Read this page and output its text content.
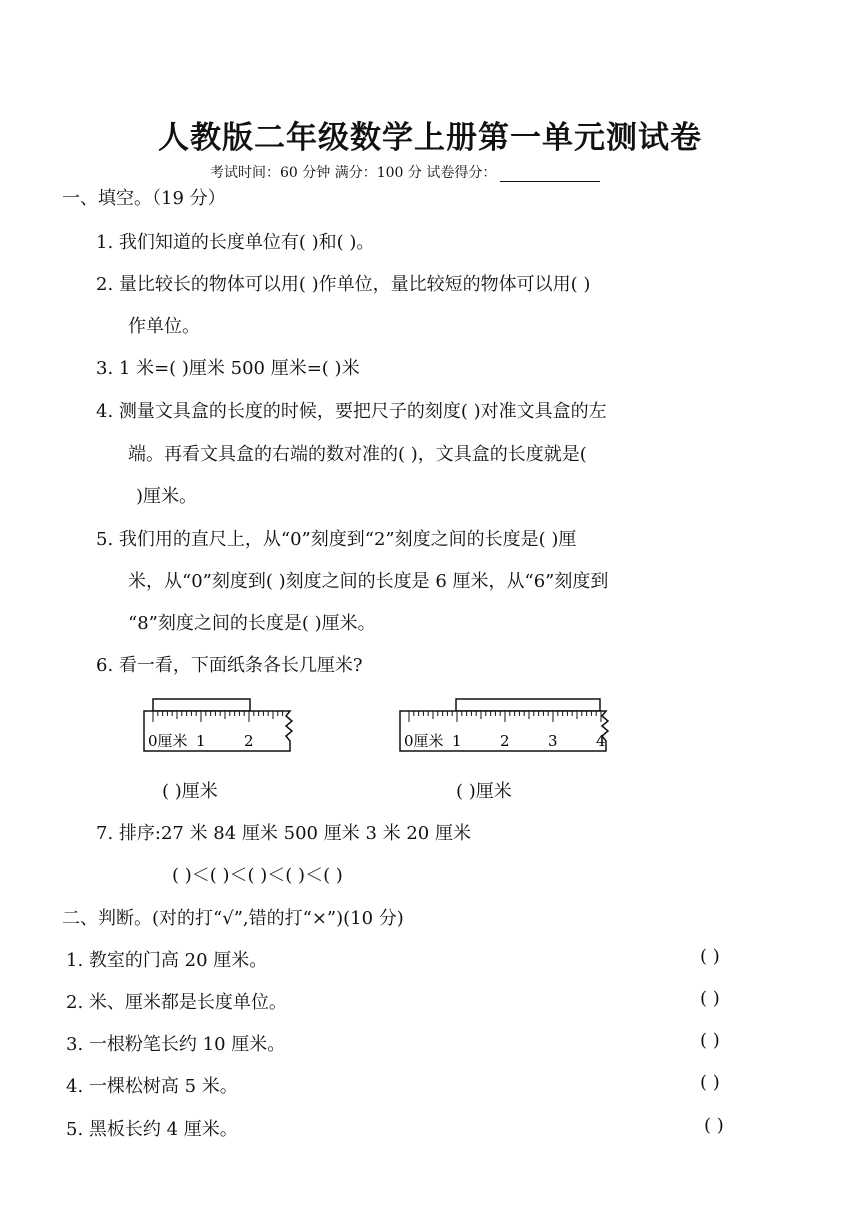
人教版二年级数学上册第一单元测试卷
考试时间：60 分钟 满分：100 分 试卷得分：
一、填空。（19 分）
1. 我们知道的长度单位有( )和( )。
2. 量比较长的物体可以用( )作单位，量比较短的物体可以用( )
作单位。
3. 1 米=( )厘米 500 厘米=( )米
4. 测量文具盒的长度的时候，要把尺子的刻度( )对准文具盒的左
端。再看文具盒的右端的数对准的( )，文具盒的长度就是(
)厘米。
5. 我们用的直尺上，从“0”刻度到“2”刻度之间的长度是( )厘
米，从“0”刻度到( )刻度之间的长度是 6 厘米，从“6”刻度到
“8”刻度之间的长度是( )厘米。
6. 看一看，下面纸条各长几厘米?
0厘米 1	2	0厘米 1	2	3	4
( )厘米	( )厘米
7. 排序:27 米 84 厘米 500 厘米 3 米 20 厘米
( )＜( )＜( )＜( )＜( )
二、判断。(对的打“√”,错的打“×”)(10 分)
1. 教室的门高 20 厘米。	( )
2. 米、厘米都是长度单位。	( )
3. 一根粉笔长约 10 厘米。	( )
4. 一棵松树高 5 米。	( )
5. 黑板长约 4 厘米。	( )
